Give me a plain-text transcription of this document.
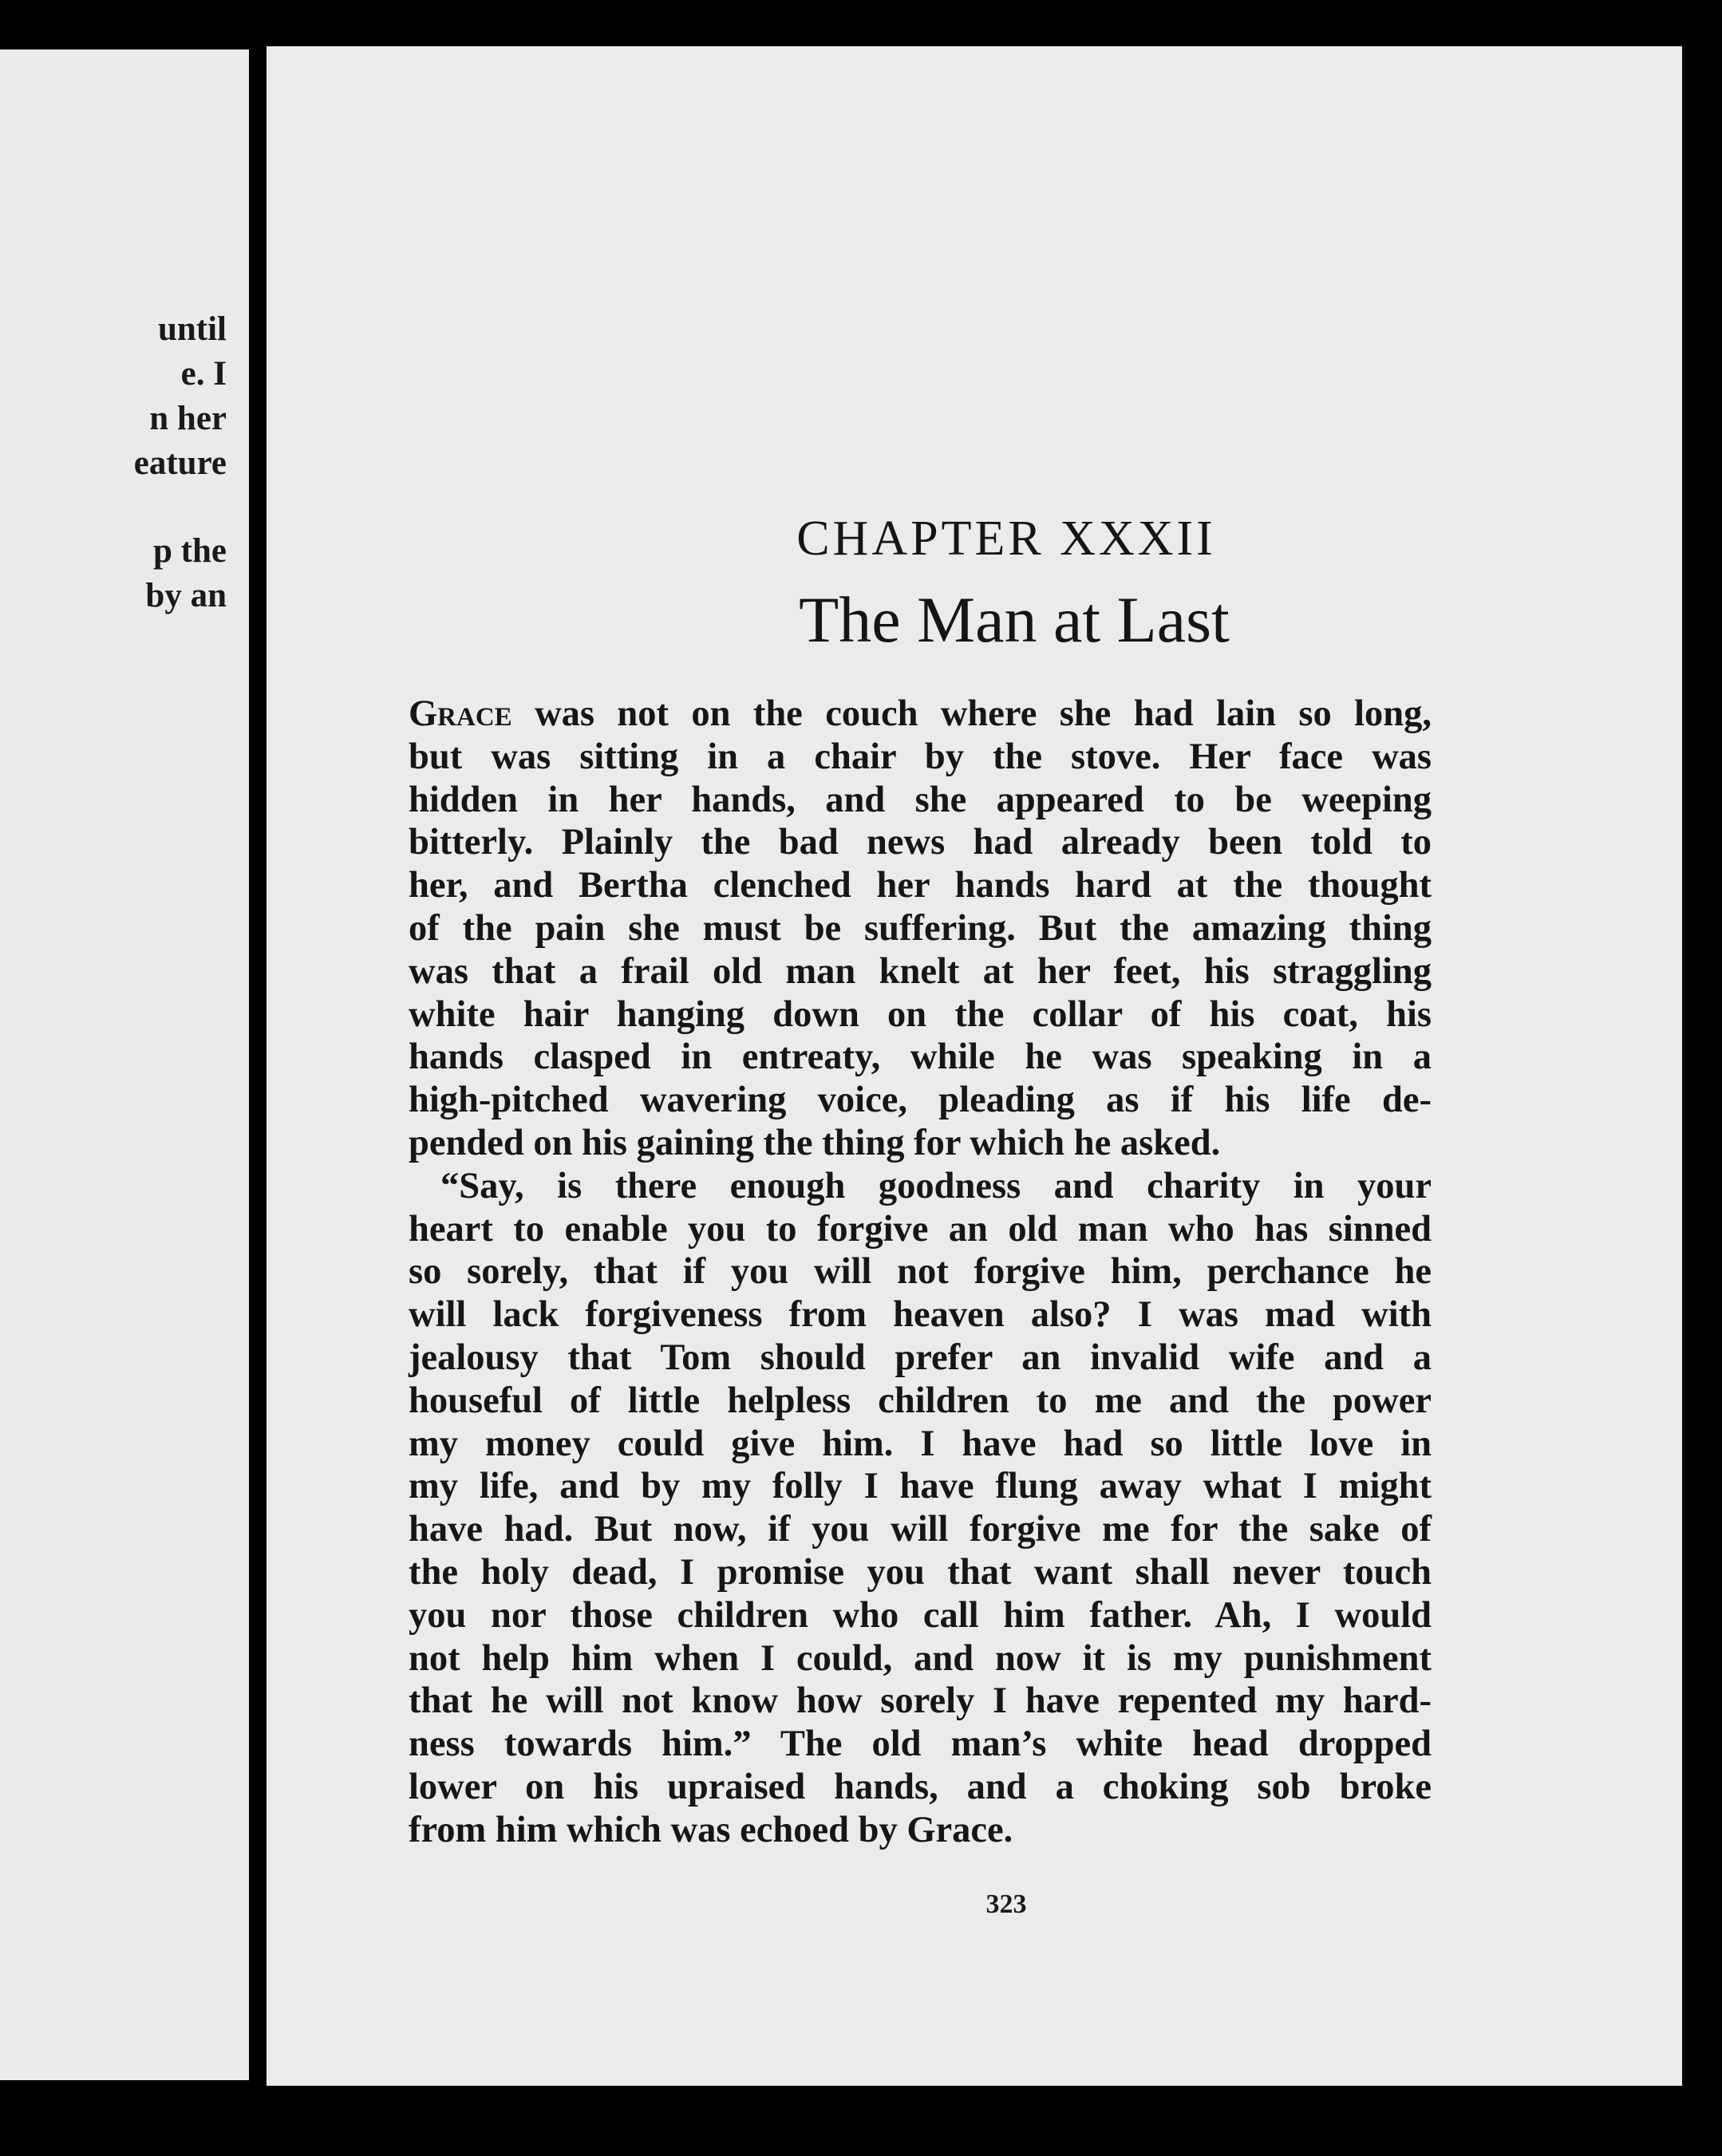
until
e. I
n her
eature
p the
by an
CHAPTER XXXII
The Man at Last
Grace was not on the couch where she had lain so long,
but was sitting in a chair by the stove. Her face was
hidden in her hands, and she appeared to be weeping
bitterly. Plainly the bad news had already been told to
her, and Bertha clenched her hands hard at the thought
of the pain she must be suffering. But the amazing thing
was that a frail old man knelt at her feet, his straggling
white hair hanging down on the collar of his coat, his
hands clasped in entreaty, while he was speaking in a
high-pitched wavering voice, pleading as if his life de-
pended on his gaining the thing for which he asked.
“Say, is there enough goodness and charity in your
heart to enable you to forgive an old man who has sinned
so sorely, that if you will not forgive him, perchance he
will lack forgiveness from heaven also? I was mad with
jealousy that Tom should prefer an invalid wife and a
houseful of little helpless children to me and the power
my money could give him. I have had so little love in
my life, and by my folly I have flung away what I might
have had. But now, if you will forgive me for the sake of
the holy dead, I promise you that want shall never touch
you nor those children who call him father. Ah, I would
not help him when I could, and now it is my punishment
that he will not know how sorely I have repented my hard-
ness towards him.” The old man’s white head dropped
lower on his upraised hands, and a choking sob broke
from him which was echoed by Grace.
323
